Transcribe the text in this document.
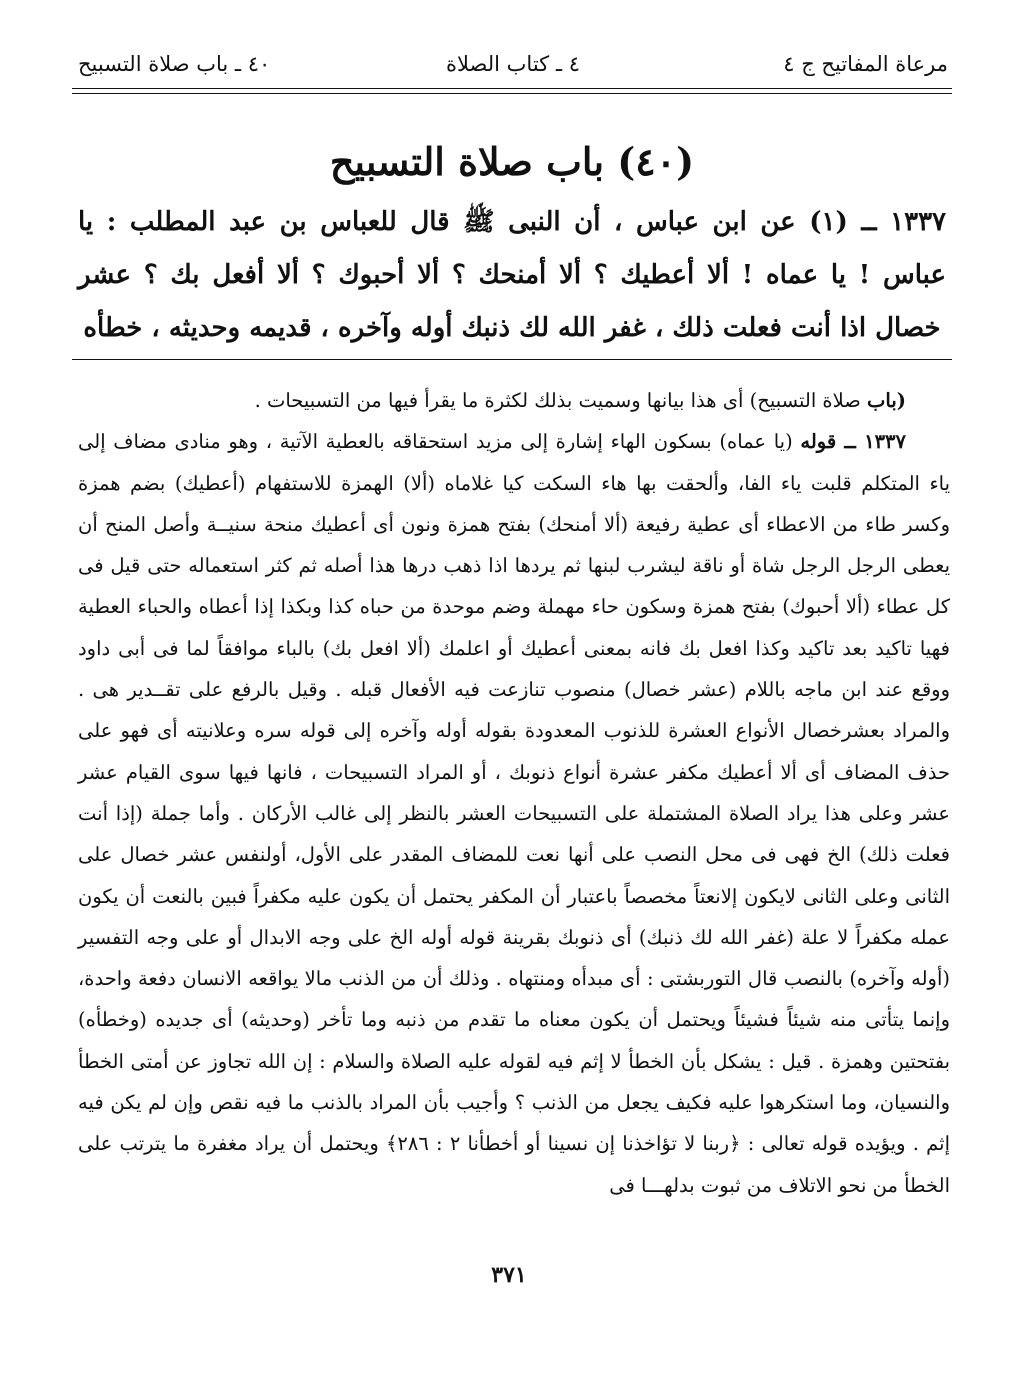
مرعاة المفاتيح ج ٤
٤ ـ كتاب الصلاة
٤٠ ـ باب صلاة التسبيح
(٤٠) باب صلاة التسبيح
١٣٣٧ ــ (١) عن ابن عباس ، أن النبى ﷺ قال للعباس بن عبد المطلب : يا عباس ! يا عماه ! ألا أعطيك ؟ ألا أمنحك ؟ ألا أحبوك ؟ ألا أفعل بك ؟ عشر خصال اذا أنت فعلت ذلك ، غفر الله لك ذنبك أوله وآخره ، قديمه وحديثه ، خطأه

(باب صلاة التسبيح) أى هذا بيانها وسميت بذلك لكثرة ما يقرأ فيها من التسبيحات .

١٣٣٧ ــ قوله (يا عماه) بسكون الهاء إشارة إلى مزيد استحقاقه بالعطية الآتية ، وهو منادى مضاف إلى ياء المتكلم قلبت ياء الفا، وألحقت بها هاء السكت كيا غلاماه (ألا) الهمزة للاستفهام (أعطيك) بضم همزة وكسر طاء من الاعطاء أى عطية رفيعة (ألا أمنحك) بفتح همزة ونون أى أعطيك منحة سنيــة وأصل المنح أن يعطى الرجل الرجل شاة أو ناقة ليشرب لبنها ثم يردها اذا ذهب درها هذا أصله ثم كثر استعماله حتى قيل فى كل عطاء (ألا أحبوك) بفتح همزة وسكون حاء مهملة وضم موحدة من حباه كذا وبكذا إذا أعطاه والحباء العطية فهيا تاكيد بعد تاكيد وكذا افعل بك فانه بمعنى أعطيك أو اعلمك (ألا افعل بك) بالباء موافقاً لما فى أبى داود ووقع عند ابن ماجه باللام (عشر خصال) منصوب تنازعت فيه الأفعال قبله . وقيل بالرفع على تقــدير هى . والمراد بعشرخصال الأنواع العشرة للذنوب المعدودة بقوله أوله وآخره إلى قوله سره وعلانيته أى فهو على حذف المضاف أى ألا أعطيك مكفر عشرة أنواع ذنوبك ، أو المراد التسبيحات ، فانها فيها سوى القيام عشر عشر وعلى هذا يراد الصلاة المشتملة على التسبيحات العشر بالنظر إلى غالب الأركان . وأما جملة (إذا أنت فعلت ذلك) الخ فهى فى محل النصب على أنها نعت للمضاف المقدر على الأول، أولنفس عشر خصال على الثانى وعلى الثانى لايكون إلانعتاً مخصصاً باعتبار أن المكفر يحتمل أن يكون عليه مكفراً فبين بالنعت أن يكون عمله مكفراً لا علة (غفر الله لك ذنبك) أى ذنوبك بقرينة قوله أوله الخ على وجه الابدال أو على وجه التفسير (أوله وآخره) بالنصب قال التوربشتى : أى مبدأه ومنتهاه . وذلك أن من الذنب مالا يواقعه الانسان دفعة واحدة، وإنما يتأتى منه شيئاً فشيئاً ويحتمل أن يكون معناه ما تقدم من ذنبه وما تأخر (وحديثه) أى جديده (وخطأه) بفتحتين وهمزة . قيل : يشكل بأن الخطأ لا إثم فيه لقوله عليه الصلاة والسلام : إن الله تجاوز عن أمتى الخطأ والنسيان، وما استكرهوا عليه فكيف يجعل من الذنب ؟ وأجيب بأن المراد بالذنب ما فيه نقص وإن لم يكن فيه إثم . ويؤيده قوله تعالى : ﴿ربنا لا تؤاخذنا إن نسينا أو أخطأنا ٢ : ٢٨٦﴾ ويحتمل أن يراد مغفرة ما يترتب على الخطأ من نحو الاتلاف من ثبوت بدلهـــا فى

٣٧١
